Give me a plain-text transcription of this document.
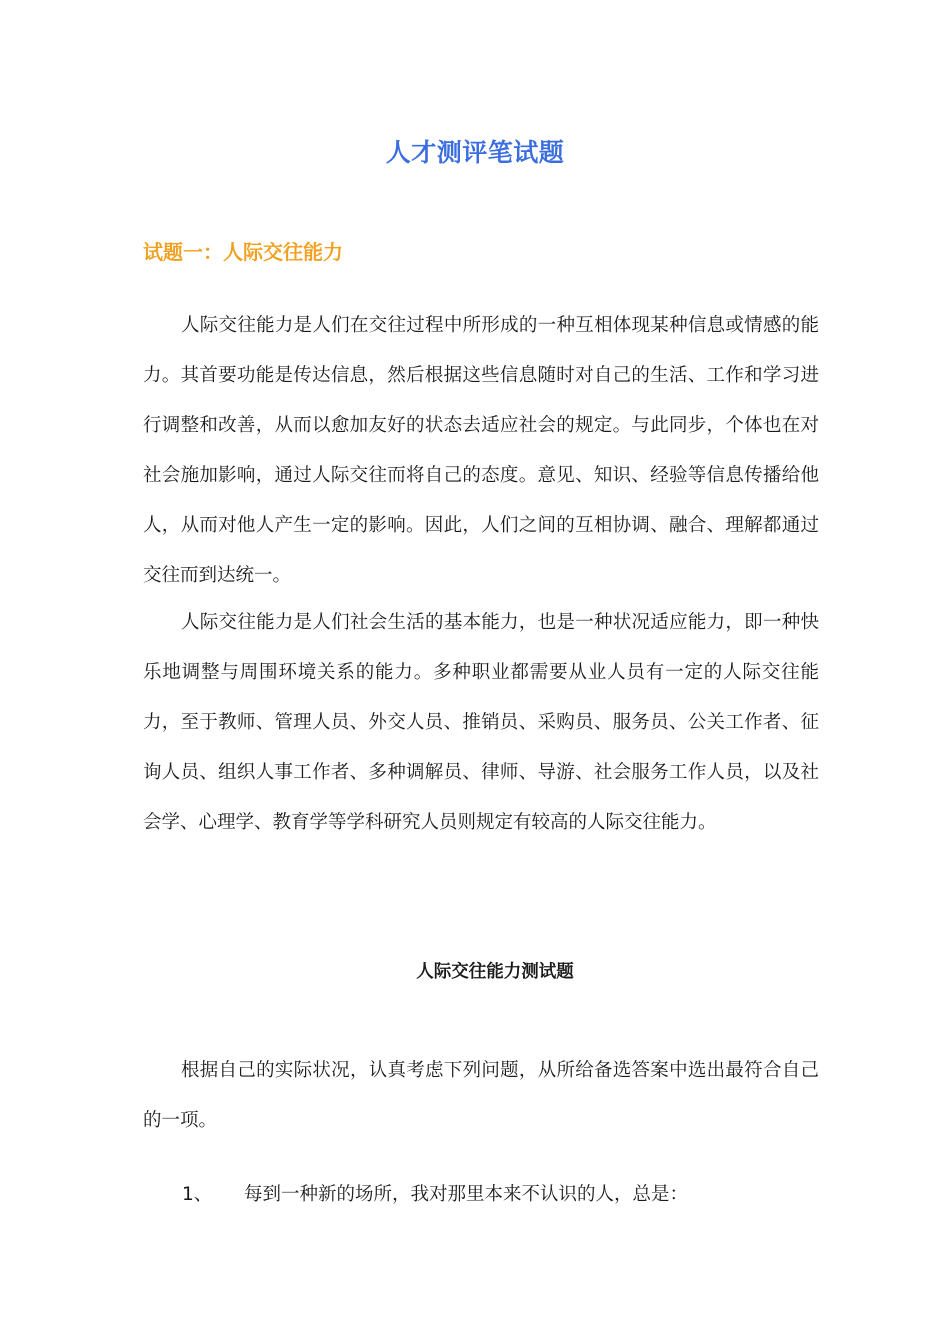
人才测评笔试题
试题一：人际交往能力

人际交往能力是人们在交往过程中所形成的一种互相体现某种信息或情感的能力。其首要功能是传达信息，然后根据这些信息随时对自己的生活、工作和学习进行调整和改善，从而以愈加友好的状态去适应社会的规定。与此同步，个体也在对社会施加影响，通过人际交往而将自己的态度。意见、知识、经验等信息传播给他人，从而对他人产生一定的影响。因此，人们之间的互相协调、融合、理解都通过交往而到达统一。

人际交往能力是人们社会生活的基本能力，也是一种状况适应能力，即一种快乐地调整与周围环境关系的能力。多种职业都需要从业人员有一定的人际交往能力，至于教师、管理人员、外交人员、推销员、采购员、服务员、公关工作者、征询人员、组织人事工作者、多种调解员、律师、导游、社会服务工作人员，以及社会学、心理学、教育学等学科研究人员则规定有较高的人际交往能力。

人际交往能力测试题

根据自己的实际状况，认真考虑下列问题，从所给备选答案中选出最符合自己的一项。

1、 每到一种新的场所，我对那里本来不认识的人，总是：
